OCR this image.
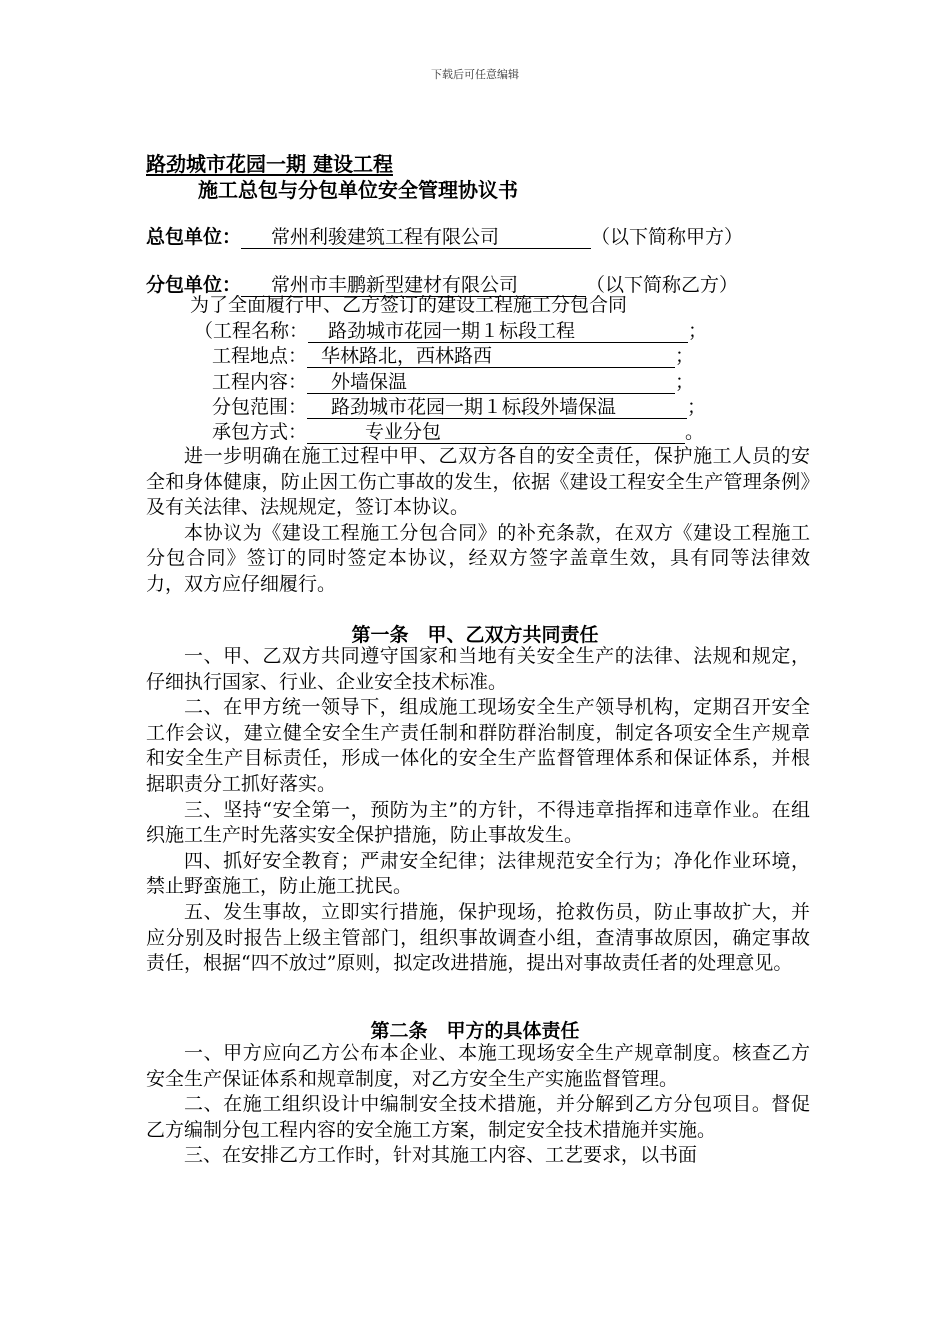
下载后可任意编辑
路劲城市花园一期 建设工程
施工总包与分包单位安全管理协议书
总包单位： 常州利骏建筑工程有限公司	（以下简称甲方）
分包单位： 常州市丰鹏新型建材有限公司	（以下简称乙方）
为了全面履行甲、乙方签订的建设工程施工分包合同
（工程名称： 路劲城市花园一期１标段工程	；
工程地点： 华林路北，西林路西	；
工程内容： 外墙保温	；
分包范围： 路劲城市花园一期１标段外墙保温	；
承包方式：	专业分包	。

进一步明确在施工过程中甲、乙双方各自的安全责任，保护施工人员的安全和身体健康，防止因工伤亡事故的发生，依据《建设工程安全生产管理条例》及有关法律、法规规定，签订本协议。

本协议为《建设工程施工分包合同》的补充条款，在双方《建设工程施工分包合同》签订的同时签定本协议，经双方签字盖章生效，具有同等法律效力，双方应仔细履行。

第一条　甲、乙双方共同责任

一、甲、乙双方共同遵守国家和当地有关安全生产的法律、法规和规定，仔细执行国家、行业、企业安全技术标准。

二、在甲方统一领导下，组成施工现场安全生产领导机构，定期召开安全工作会议，建立健全安全生产责任制和群防群治制度，制定各项安全生产规章和安全生产目标责任，形成一体化的安全生产监督管理体系和保证体系，并根据职责分工抓好落实。

三、坚持“安全第一，预防为主”的方针，不得违章指挥和违章作业。在组织施工生产时先落实安全保护措施，防止事故发生。

四、抓好安全教育；严肃安全纪律；法律规范安全行为；净化作业环境，禁止野蛮施工，防止施工扰民。

五、发生事故，立即实行措施，保护现场，抢救伤员，防止事故扩大，并应分别及时报告上级主管部门，组织事故调查小组，查清事故原因，确定事故责任，根据“四不放过”原则，拟定改进措施，提出对事故责任者的处理意见。

第二条　甲方的具体责任

一、甲方应向乙方公布本企业、本施工现场安全生产规章制度。核查乙方安全生产保证体系和规章制度，对乙方安全生产实施监督管理。

二、在施工组织设计中编制安全技术措施，并分解到乙方分包项目。督促乙方编制分包工程内容的安全施工方案，制定安全技术措施并实施。

三、在安排乙方工作时，针对其施工内容、工艺要求，以书面
